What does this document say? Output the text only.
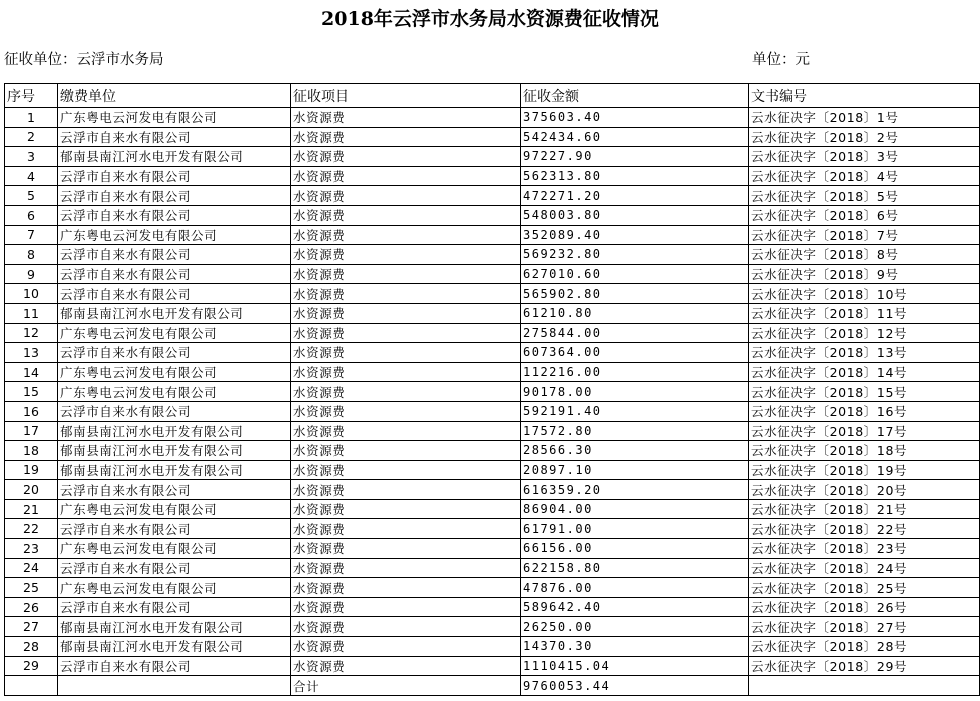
2018年云浮市水务局水资源费征收情况
征收单位：云浮市水务局	单位：元
序号	缴费单位	征收项目	征收金额	文书编号
1	广东粤电云河发电有限公司	水资源费	375603.40	云水征决字〔2018〕1号
2	云浮市自来水有限公司	水资源费	542434.60	云水征决字〔2018〕2号
3	郁南县南江河水电开发有限公司	水资源费	97227.90	云水征决字〔2018〕3号
4	云浮市自来水有限公司	水资源费	562313.80	云水征决字〔2018〕4号
5	云浮市自来水有限公司	水资源费	472271.20	云水征决字〔2018〕5号
6	云浮市自来水有限公司	水资源费	548003.80	云水征决字〔2018〕6号
7	广东粤电云河发电有限公司	水资源费	352089.40	云水征决字〔2018〕7号
8	云浮市自来水有限公司	水资源费	569232.80	云水征决字〔2018〕8号
9	云浮市自来水有限公司	水资源费	627010.60	云水征决字〔2018〕9号
10	云浮市自来水有限公司	水资源费	565902.80	云水征决字〔2018〕10号
11	郁南县南江河水电开发有限公司	水资源费	61210.80	云水征决字〔2018〕11号
12	广东粤电云河发电有限公司	水资源费	275844.00	云水征决字〔2018〕12号
13	云浮市自来水有限公司	水资源费	607364.00	云水征决字〔2018〕13号
14	广东粤电云河发电有限公司	水资源费	112216.00	云水征决字〔2018〕14号
15	广东粤电云河发电有限公司	水资源费	90178.00	云水征决字〔2018〕15号
16	云浮市自来水有限公司	水资源费	592191.40	云水征决字〔2018〕16号
17	郁南县南江河水电开发有限公司	水资源费	17572.80	云水征决字〔2018〕17号
18	郁南县南江河水电开发有限公司	水资源费	28566.30	云水征决字〔2018〕18号
19	郁南县南江河水电开发有限公司	水资源费	20897.10	云水征决字〔2018〕19号
20	云浮市自来水有限公司	水资源费	616359.20	云水征决字〔2018〕20号
21	广东粤电云河发电有限公司	水资源费	86904.00	云水征决字〔2018〕21号
22	云浮市自来水有限公司	水资源费	61791.00	云水征决字〔2018〕22号
23	广东粤电云河发电有限公司	水资源费	66156.00	云水征决字〔2018〕23号
24	云浮市自来水有限公司	水资源费	622158.80	云水征决字〔2018〕24号
25	广东粤电云河发电有限公司	水资源费	47876.00	云水征决字〔2018〕25号
26	云浮市自来水有限公司	水资源费	589642.40	云水征决字〔2018〕26号
27	郁南县南江河水电开发有限公司	水资源费	26250.00	云水征决字〔2018〕27号
28	郁南县南江河水电开发有限公司	水资源费	14370.30	云水征决字〔2018〕28号
29	云浮市自来水有限公司	水资源费	1110415.04	云水征决字〔2018〕29号
		合计	9760053.44	
